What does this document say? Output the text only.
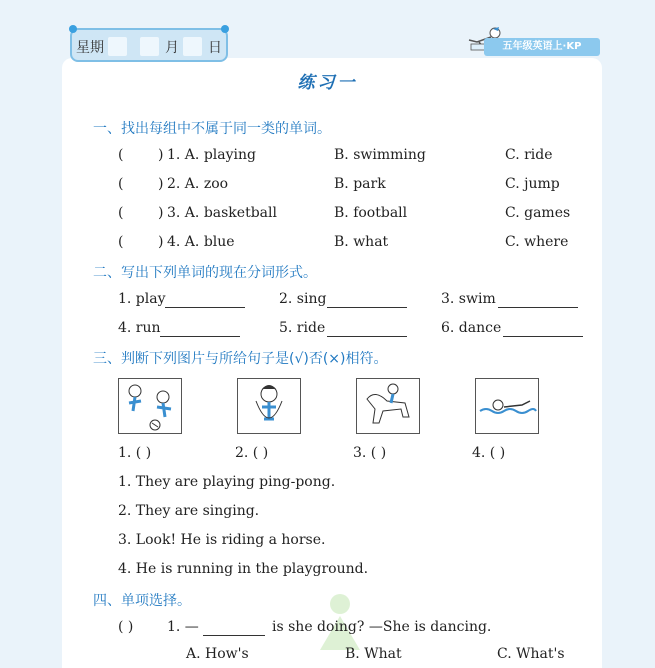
星期	月 日	五年级英语上·KP
练习一
一、找出每组中不属于同一类的单词。
( ) 1. A. playing	B. swimming	C. ride
( ) 2. A. zoo	B. park	C. jump
( ) 3. A. basketball	B. football	C. games
( ) 4. A. blue	B. what	C. where
二、写出下列单词的现在分词形式。
1. play	2. sing	3. swim
4. run	5. ride	6. dance
三、判断下列图片与所给句子是(√)否(×)相符。
1. ( )	2. ( )	3. ( )	4. ( )
1. They are playing ping-pong.
2. They are singing.
3. Look! He is riding a horse.
4. He is running in the playground.
四、单项选择。
( ) 1. —	is she doing? —She is dancing.
A. How's	B. What	C. What's
